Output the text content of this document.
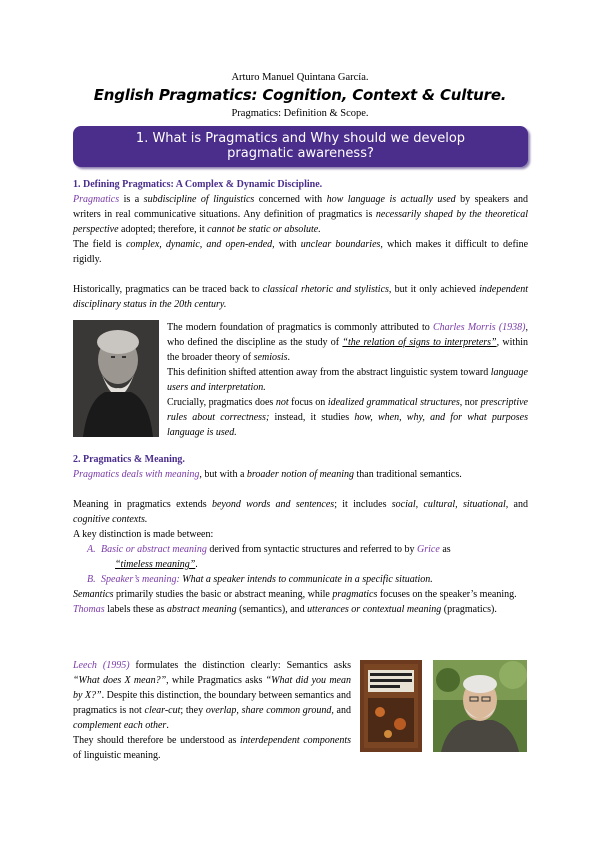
Arturo Manuel Quintana García.
English Pragmatics: Cognition, Context & Culture.
Pragmatics: Definition & Scope.
1. What is Pragmatics and Why should we develop pragmatic awareness?

1. Defining Pragmatics: A Complex & Dynamic Discipline.

Pragmatics is a subdiscipline of linguistics concerned with how language is actually used by speakers and writers in real communicative situations. Any definition of pragmatics is necessarily shaped by the theoretical perspective adopted; therefore, it cannot be static or absolute.

The field is complex, dynamic, and open-ended, with unclear boundaries, which makes it difficult to define rigidly.

Historically, pragmatics can be traced back to classical rhetoric and stylistics, but it only achieved independent disciplinary status in the 20th century.

The modern foundation of pragmatics is commonly attributed to Charles Morris (1938), who defined the discipline as the study of “the relation of signs to interpreters”, within the broader theory of semiosis.

This definition shifted attention away from the abstract linguistic system toward language users and interpretation.

Crucially, pragmatics does not focus on idealized grammatical structures, nor prescriptive rules about correctness; instead, it studies how, when, why, and for what purposes language is used.

2. Pragmatics & Meaning.

Pragmatics deals with meaning, but with a broader notion of meaning than traditional semantics.

Meaning in pragmatics extends beyond words and sentences; it includes social, cultural, situational, and cognitive contexts.

A key distinction is made between:

A. Basic or abstract meaning derived from syntactic structures and referred to by Grice as

“timeless meaning”.

B. Speaker’s meaning: What a speaker intends to communicate in a specific situation.

Semantics primarily studies the basic or abstract meaning, while pragmatics focuses on the speaker’s meaning.

Thomas labels these as abstract meaning (semantics), and utterances or contextual meaning (pragmatics).

Leech (1995) formulates the distinction clearly: Semantics asks “What does X mean?”, while Pragmatics asks “What did you mean by X?”. Despite this distinction, the boundary between semantics and pragmatics is not clear-cut; they overlap, share common ground, and complement each other.

They should therefore be understood as interdependent components of linguistic meaning.
